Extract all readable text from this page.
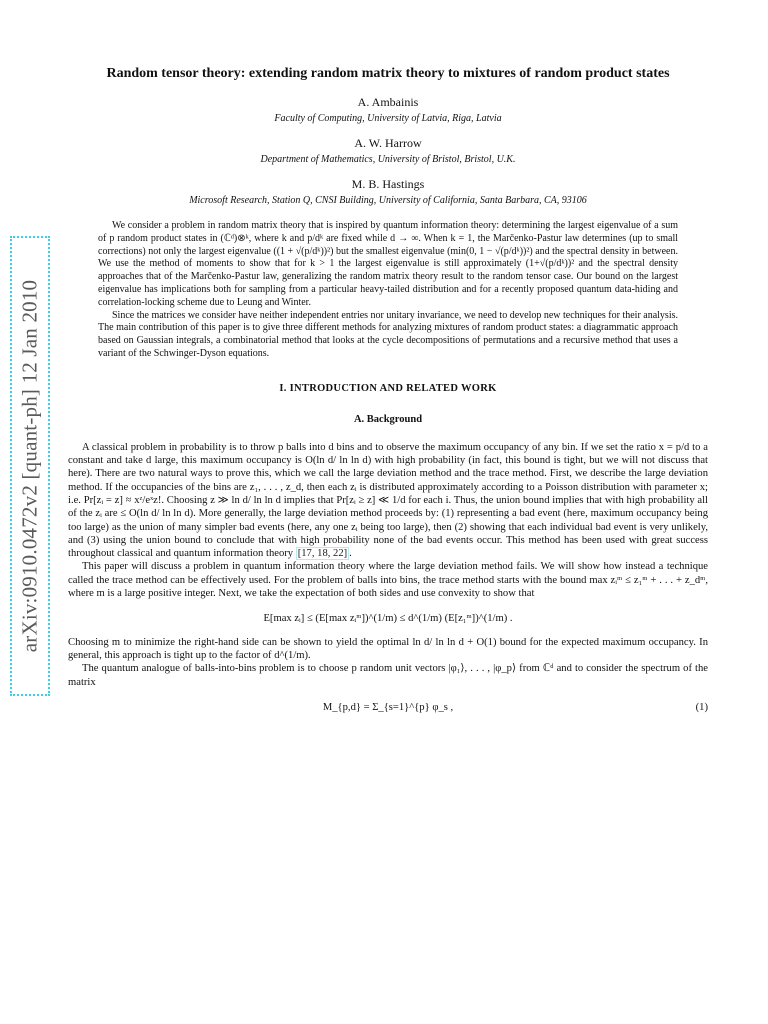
arXiv:0910.0472v2 [quant-ph] 12 Jan 2010
Random tensor theory: extending random matrix theory to mixtures of random product states
A. Ambainis
Faculty of Computing, University of Latvia, Riga, Latvia
A. W. Harrow
Department of Mathematics, University of Bristol, Bristol, U.K.
M. B. Hastings
Microsoft Research, Station Q, CNSI Building, University of California, Santa Barbara, CA, 93106

We consider a problem in random matrix theory that is inspired by quantum information theory: determining the largest eigenvalue of a sum of p random product states in (ℂᵈ)⊗ᵏ, where k and p/dᵏ are fixed while d → ∞. When k = 1, the Marčenko-Pastur law determines (up to small corrections) not only the largest eigenvalue ((1 + √(p/dᵏ))²) but the smallest eigenvalue (min(0, 1 − √(p/dᵏ))²) and the spectral density in between. We use the method of moments to show that for k > 1 the largest eigenvalue is still approximately (1+√(p/dᵏ))² and the spectral density approaches that of the Marčenko-Pastur law, generalizing the random matrix theory result to the random tensor case. Our bound on the largest eigenvalue has implications both for sampling from a particular heavy-tailed distribution and for a recently proposed quantum data-hiding and correlation-locking scheme due to Leung and Winter.

Since the matrices we consider have neither independent entries nor unitary invariance, we need to develop new techniques for their analysis. The main contribution of this paper is to give three different methods for analyzing mixtures of random product states: a diagrammatic approach based on Gaussian integrals, a combinatorial method that looks at the cycle decompositions of permutations and a recursive method that uses a variant of the Schwinger-Dyson equations.

I. INTRODUCTION AND RELATED WORK
A. Background

A classical problem in probability is to throw p balls into d bins and to observe the maximum occupancy of any bin. If we set the ratio x = p/d to a constant and take d large, this maximum occupancy is O(ln d/ ln ln d) with high probability (in fact, this bound is tight, but we will not discuss that here). There are two natural ways to prove this, which we call the large deviation method and the trace method. First, we describe the large deviation method. If the occupancies of the bins are z₁, . . . , z_d, then each zᵢ is distributed approximately according to a Poisson distribution with parameter x; i.e. Pr[zᵢ = z] ≈ xᶻ/eˣz!. Choosing z ≫ ln d/ ln ln d implies that Pr[zᵢ ≥ z] ≪ 1/d for each i. Thus, the union bound implies that with high probability all of the zᵢ are ≤ O(ln d/ ln ln d). More generally, the large deviation method proceeds by: (1) representing a bad event (here, maximum occupancy being too large) as the union of many simpler bad events (here, any one zᵢ being too large), then (2) showing that each individual bad event is very unlikely, and (3) using the union bound to conclude that with high probability none of the bad events occur. This method has been used with great success throughout classical and quantum information theory [17, 18, 22] .

This paper will discuss a problem in quantum information theory where the large deviation method fails. We will show how instead a technique called the trace method can be effectively used. For the problem of balls into bins, the trace method starts with the bound max zᵢᵐ ≤ z₁ᵐ + . . . + z_dᵐ, where m is a large positive integer. Next, we take the expectation of both sides and use convexity to show that

E[max zᵢ] ≤ (E[max zᵢᵐ])^(1/m) ≤ d^(1/m) (E[z₁ᵐ])^(1/m) .

Choosing m to minimize the right-hand side can be shown to yield the optimal ln d/ ln ln d + O(1) bound for the expected maximum occupancy. In general, this approach is tight up to the factor of d^(1/m).

The quantum analogue of balls-into-bins problem is to choose p random unit vectors |φ₁⟩, . . . , |φ_p⟩ from ℂᵈ and to consider the spectrum of the matrix

M_{p,d} = Σ_{s=1}^{p} φ_s ,	(1)
